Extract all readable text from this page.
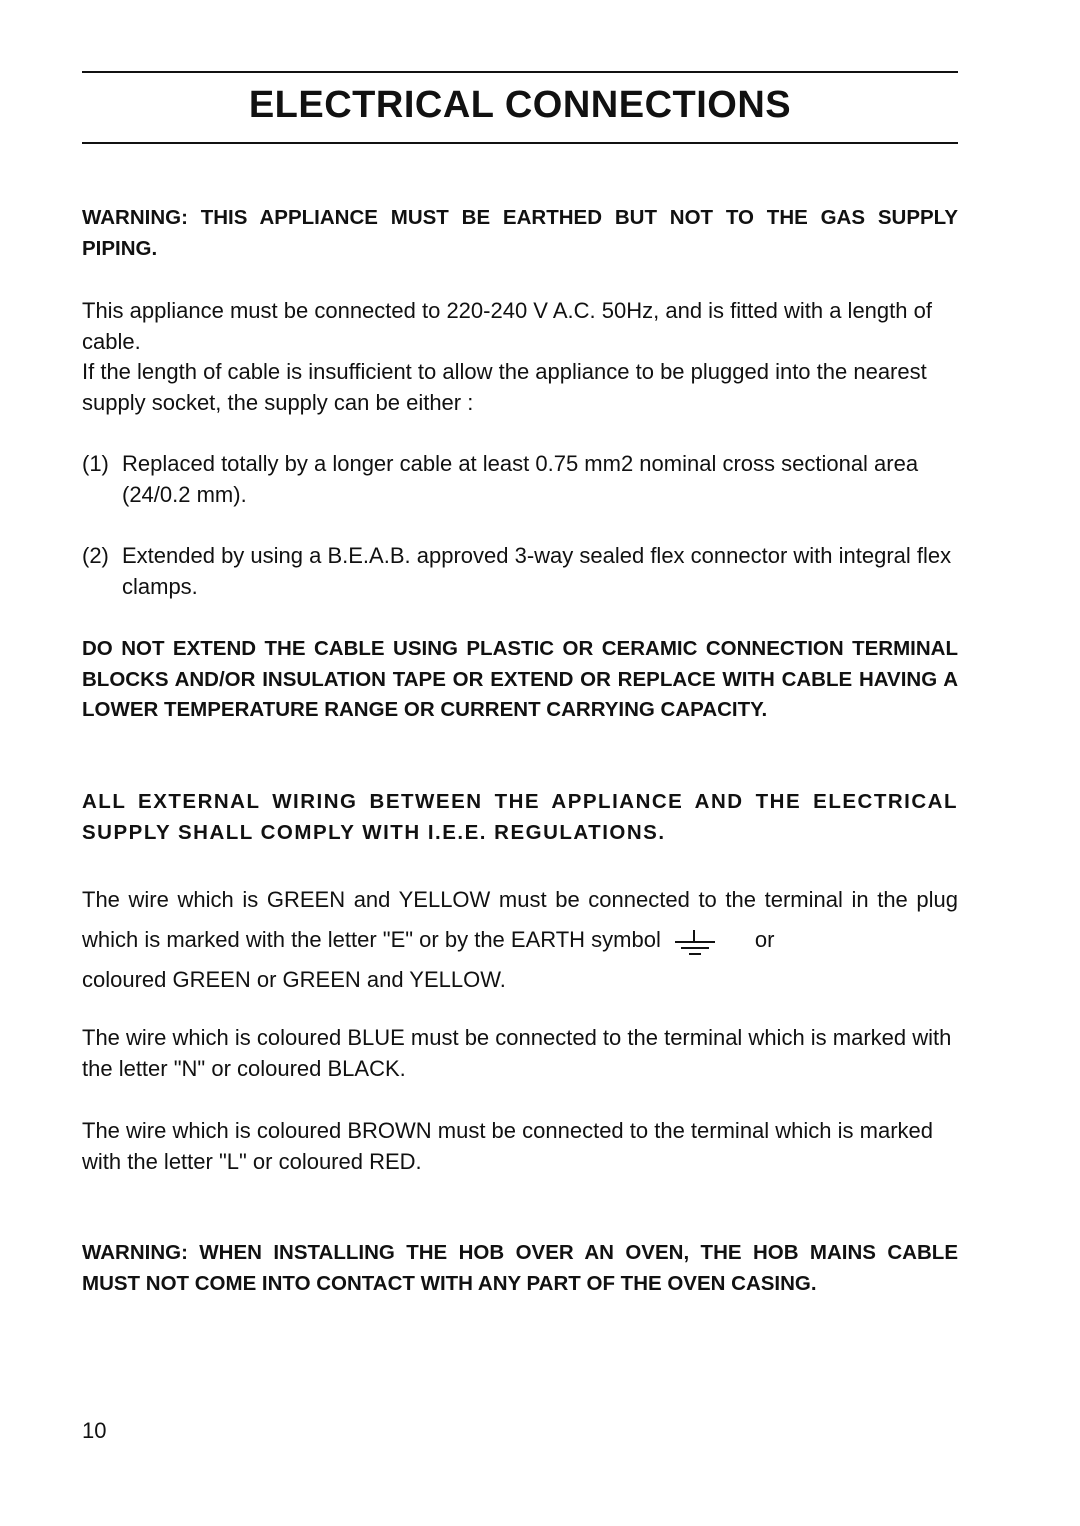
ELECTRICAL CONNECTIONS
WARNING: THIS APPLIANCE MUST BE EARTHED BUT NOT TO THE GAS SUPPLY PIPING.
This appliance must be connected to 220-240 V A.C. 50Hz, and is fitted with a length of cable.
If the length of cable is insufficient to allow the appliance to be plugged into the nearest supply socket, the supply can be either :
(1) Replaced totally by a longer cable at least 0.75 mm2 nominal cross sectional area (24/0.2 mm).
(2) Extended by using a B.E.A.B. approved 3-way sealed flex connector with integral flex clamps.
DO NOT EXTEND THE CABLE USING PLASTIC OR CERAMIC CONNECTION TERMINAL BLOCKS AND/OR INSULATION TAPE OR EXTEND OR REPLACE WITH CABLE HAVING A LOWER TEMPERATURE RANGE OR CURRENT CARRYING CAPACITY.
ALL EXTERNAL WIRING BETWEEN THE APPLIANCE AND THE ELECTRICAL SUPPLY SHALL COMPLY WITH I.E.E. REGULATIONS.
The wire which is GREEN and YELLOW must be connected to the terminal in the plug which is marked with the letter "E" or by the EARTH symbol	or
coloured GREEN or GREEN and YELLOW.
The wire which is coloured BLUE must be connected to the terminal which is marked with the letter "N" or coloured BLACK.
The wire which is coloured BROWN must be connected to the terminal which is marked with the letter "L" or coloured RED.
WARNING: WHEN INSTALLING THE HOB OVER AN OVEN, THE HOB MAINS CABLE MUST NOT COME INTO CONTACT WITH ANY PART OF THE OVEN CASING.
10
